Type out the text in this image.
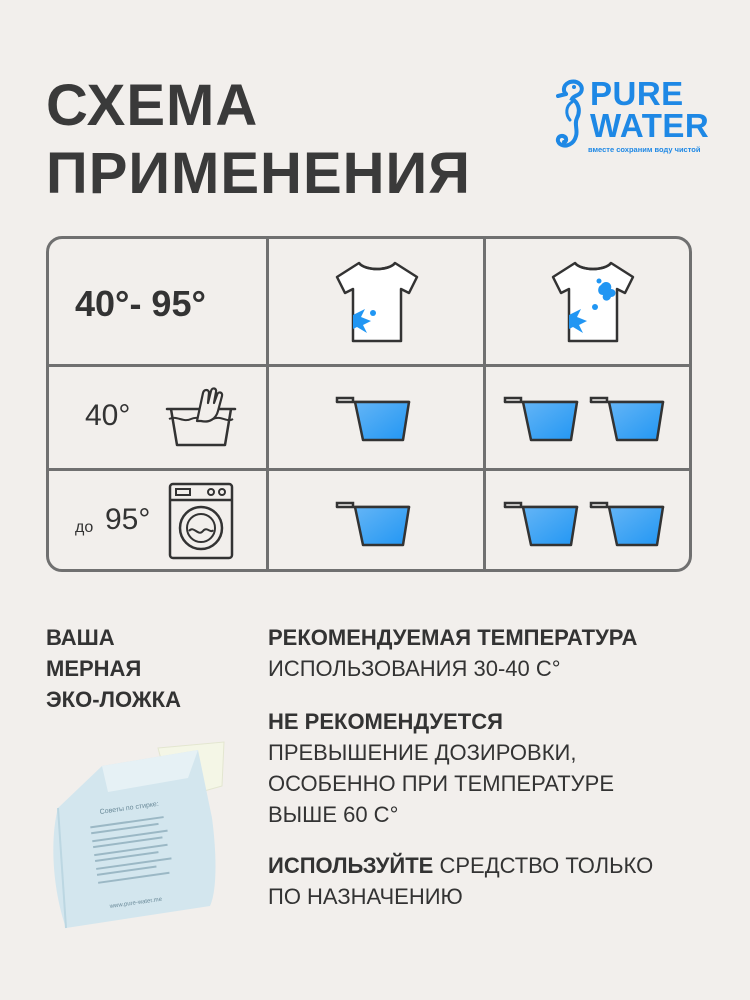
СХЕМА
ПРИМЕНЕНИЯ
PURE
WATER
вместе сохраним воду чистой
40°- 95°
40°
до 95°
ВАША
МЕРНАЯ
ЭКО-ЛОЖКА
Советы по стирке:
www.pure-water.me
РЕКОМЕНДУЕМАЯ ТЕМПЕРАТУРА
ИСПОЛЬЗОВАНИЯ 30-40 С°
НЕ РЕКОМЕНДУЕТСЯ
ПРЕВЫШЕНИЕ ДОЗИРОВКИ,
ОСОБЕННО ПРИ ТЕМПЕРАТУРЕ
ВЫШЕ 60 С°
ИСПОЛЬЗУЙТЕ СРЕДСТВО ТОЛЬКО
ПО НАЗНАЧЕНИЮ
